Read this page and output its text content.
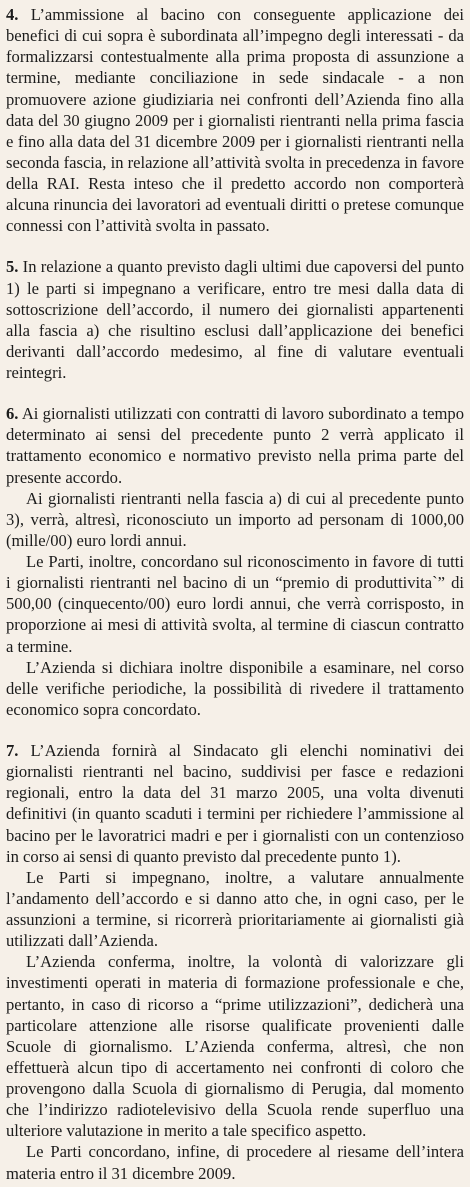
4. L’ammissione al bacino con conseguente applicazione dei benefici di cui sopra è subordinata all’impegno degli interessati - da formalizzarsi contestualmente alla prima proposta di assunzione a termine, mediante conciliazione in sede sindacale - a non promuovere azione giudiziaria nei confronti dell’Azienda fino alla data del 30 giugno 2009 per i giornalisti rientranti nella prima fascia e fino alla data del 31 dicembre 2009 per i giornalisti rientranti nella seconda fascia, in relazione all’attività svolta in precedenza in favore della RAI. Resta inteso che il predetto accordo non comporterà alcuna rinuncia dei lavoratori ad eventuali diritti o pretese comunque connessi con l’attività svolta in passato.

5. In relazione a quanto previsto dagli ultimi due capoversi del punto 1) le parti si impegnano a verificare, entro tre mesi dalla data di sottoscrizione dell’accordo, il numero dei giornalisti appartenenti alla fascia a) che risultino esclusi dall’applicazione dei benefici derivanti dall’accordo medesimo, al fine di valutare eventuali reintegri.

6. Ai giornalisti utilizzati con contratti di lavoro subordinato a tempo determinato ai sensi del precedente punto 2 verrà applicato il trattamento economico e normativo previsto nella prima parte del presente accordo.

Ai giornalisti rientranti nella fascia a) di cui al precedente punto 3), verrà, altresì, riconosciuto un importo ad personam di 1000,00 (mille/00) euro lordi annui.

Le Parti, inoltre, concordano sul riconoscimento in favore di tutti i giornalisti rientranti nel bacino di un “premio di produttivita`” di 500,00 (cinquecento/00) euro lordi annui, che verrà corrisposto, in proporzione ai mesi di attività svolta, al termine di ciascun contratto a termine.

L’Azienda si dichiara inoltre disponibile a esaminare, nel corso delle verifiche periodiche, la possibilità di rivedere il trattamento economico sopra concordato.

7. L’Azienda fornirà al Sindacato gli elenchi nominativi dei giornalisti rientranti nel bacino, suddivisi per fasce e redazioni regionali, entro la data del 31 marzo 2005, una volta divenuti definitivi (in quanto scaduti i termini per richiedere l’ammissione al bacino per le lavoratrici madri e per i giornalisti con un contenzioso in corso ai sensi di quanto previsto dal precedente punto 1).

Le Parti si impegnano, inoltre, a valutare annualmente l’andamento dell’accordo e si danno atto che, in ogni caso, per le assunzioni a termine, si ricorrerà prioritariamente ai giornalisti già utilizzati dall’Azienda.

L’Azienda conferma, inoltre, la volontà di valorizzare gli investimenti operati in materia di formazione professionale e che, pertanto, in caso di ricorso a “prime utilizzazioni”, dedicherà una particolare attenzione alle risorse qualificate provenienti dalle Scuole di giornalismo. L’Azienda conferma, altresì, che non effettuerà alcun tipo di accertamento nei confronti di coloro che provengono dalla Scuola di giornalismo di Perugia, dal momento che l’indirizzo radiotelevisivo della Scuola rende superfluo una ulteriore valutazione in merito a tale specifico aspetto.

Le Parti concordano, infine, di procedere al riesame dell’intera materia entro il 31 dicembre 2009.
